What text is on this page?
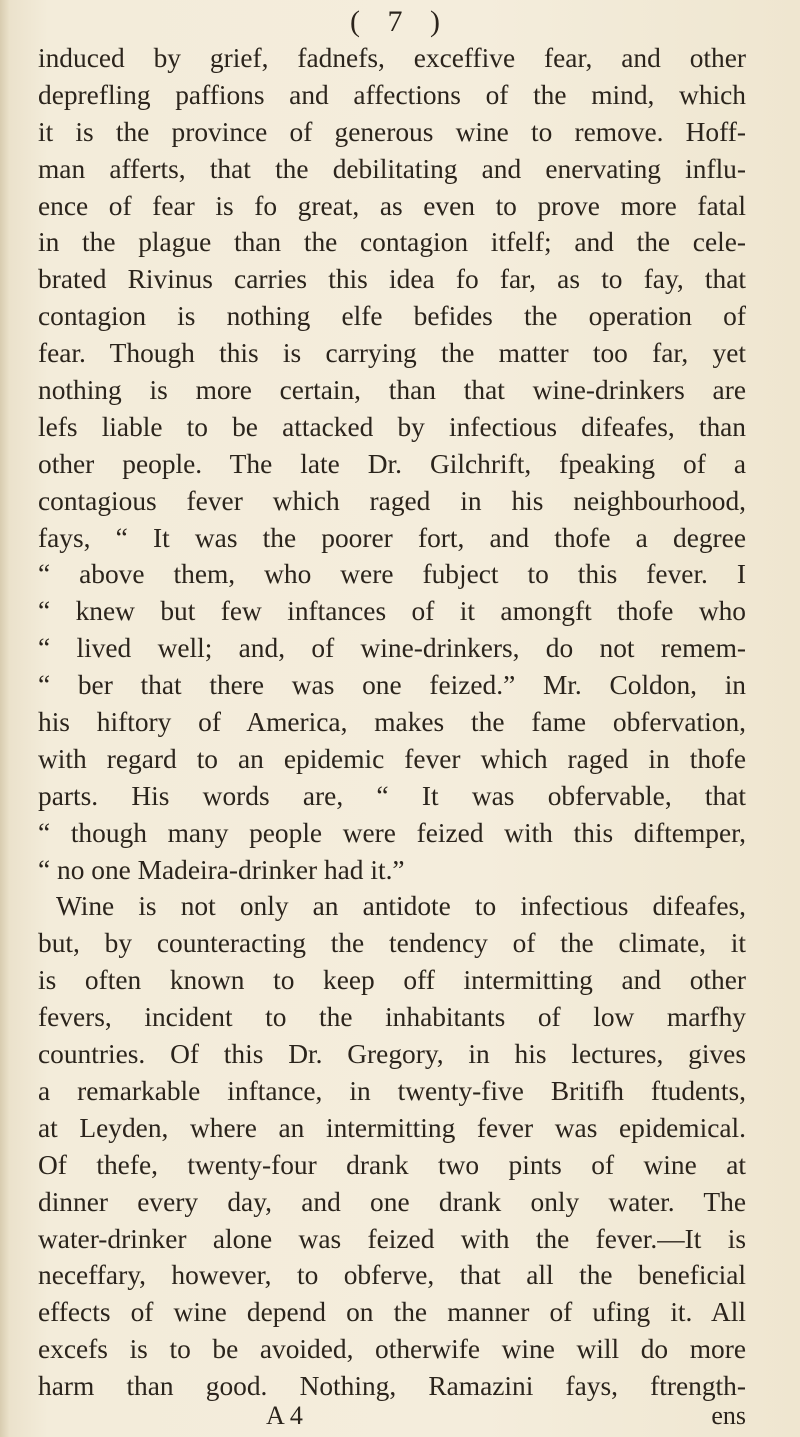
( 7 )
induced by grief, fadnefs, exceffive fear, and other
deprefling paffions and affections of the mind, which
it is the province of generous wine to remove. Hoff-
man afferts, that the debilitating and enervating influ-
ence of fear is fo great, as even to prove more fatal
in the plague than the contagion itfelf; and the cele-
brated Rivinus carries this idea fo far, as to fay, that
contagion is nothing elfe befides the operation of
fear. Though this is carrying the matter too far, yet
nothing is more certain, than that wine-drinkers are
lefs liable to be attacked by infectious difeafes, than
other people. The late Dr. Gilchrift, fpeaking of a
contagious fever which raged in his neighbourhood,
fays, “ It was the poorer fort, and thofe a degree
“ above them, who were fubject to this fever. I
“ knew but few inftances of it amongft thofe who
“ lived well; and, of wine-drinkers, do not remem-
“ ber that there was one feized.” Mr. Coldon, in
his hiftory of America, makes the fame obfervation,
with regard to an epidemic fever which raged in thofe
parts. His words are, “ It was obfervable, that
“ though many people were feized with this diftemper,
“ no one Madeira-drinker had it.”
Wine is not only an antidote to infectious difeafes,
but, by counteracting the tendency of the climate, it
is often known to keep off intermitting and other
fevers, incident to the inhabitants of low marfhy
countries. Of this Dr. Gregory, in his lectures, gives
a remarkable inftance, in twenty-five Britifh ftudents,
at Leyden, where an intermitting fever was epidemical.
Of thefe, twenty-four drank two pints of wine at
dinner every day, and one drank only water. The
water-drinker alone was feized with the fever.—It is
neceffary, however, to obferve, that all the beneficial
effects of wine depend on the manner of ufing it. All
excefs is to be avoided, otherwife wine will do more
harm than good. Nothing, Ramazini fays, ftrength-
A 4	ens
